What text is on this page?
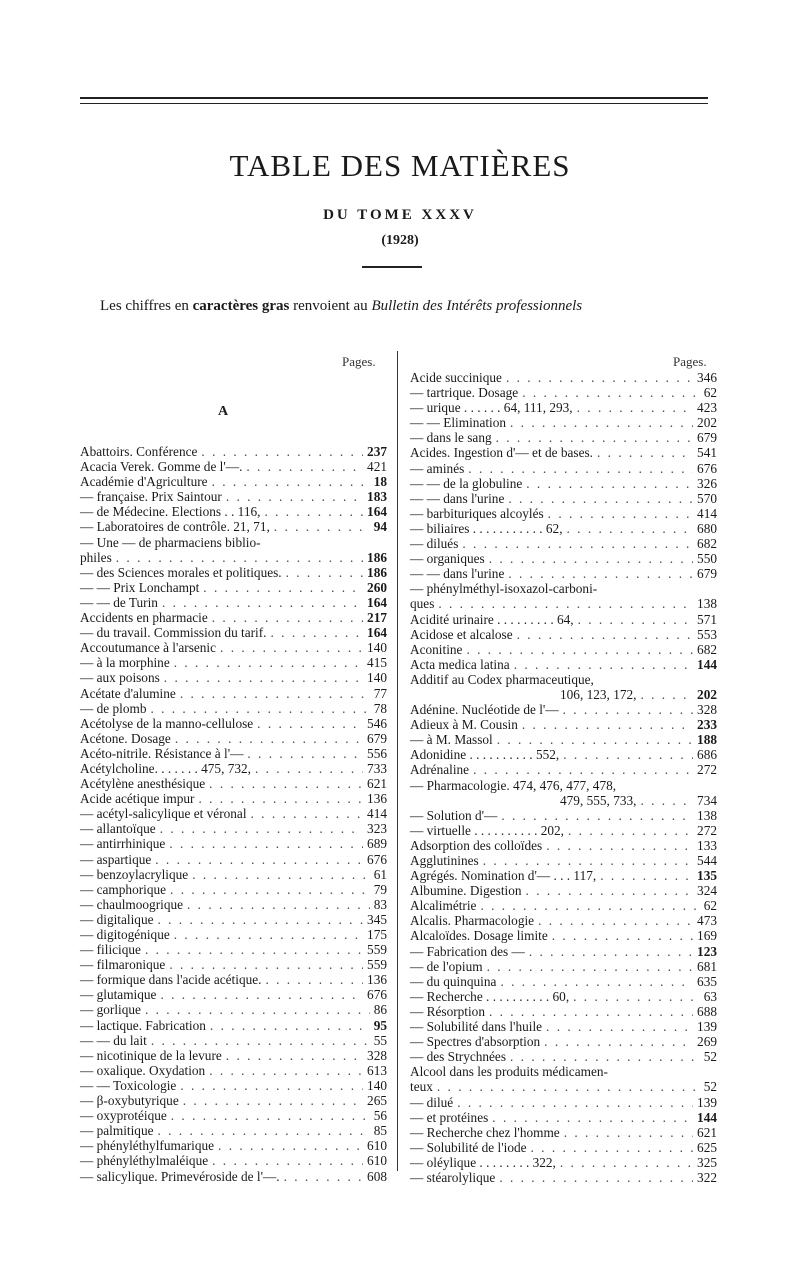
TABLE DES MATIÈRES
DU TOME XXXV
(1928)
Les chiffres en caractères gras renvoient au Bulletin des Intérêts professionnels
Pages.	Pages.
A
Abattoirs. Conférence . . .	237
Acacia Verek. Gomme de l'—. . . .	421
Académie d'Agriculture . . .	18
— française. Prix Saintour . . .	183
— de Médecine. Elections . . 116, . . .	164
— Laboratoires de contrôle. 21, 71, . . .	94
— Une — de pharmaciens biblio-
philes . . .	186
— des Sciences morales et politiques. . . .	186
— — Prix Lonchampt . . .	260
— — de Turin . . .	164
Accidents en pharmacie . . .	217
— du travail. Commission du tarif. . . .	164
Accoutumance à l'arsenic . . .	140
— à la morphine . . .	415
— aux poisons . . .	140
Acétate d'alumine . . .	77
— de plomb . . .	78
Acétolyse de la manno-cellulose . . .	546
Acétone. Dosage . . .	679
Acéto-nitrile. Résistance à l'— . . .	556
Acétylcholine. . . . . . . 475, 732, . . .	733
Acétylène anesthésique . . .	621
Acide acétique impur . . .	136
— acétyl-salicylique et véronal . . .	414
— allantoïque . . .	323
— antirrhinique . . .	689
— aspartique . . .	676
— benzoylacrylique . . .	61
— camphorique . . .	79
— chaulmoogrique . . .	83
— digitalique . . .	345
— digitogénique . . .	175
— filicique . . .	559
— filmaronique . . .	559
— formique dans l'acide acétique. . . .	136
— glutamique . . .	676
— gorlique . . .	86
— lactique. Fabrication . . .	95
— — du lait . . .	55
— nicotinique de la levure . . .	328
— oxalique. Oxydation . . .	613
— — Toxicologie . . .	140
— β-oxybutyrique . . .	265
— oxyprotéique . . .	56
— palmitique . . .	85
— phényléthylfumarique . . .	610
— phényléthylmaléique . . .	610
— salicylique. Primevéroside de l'—. . . .	608
Acide succinique . . .	346
— tartrique. Dosage . . .	62
— urique . . . . . . 64, 111, 293, . . .	423
— — Elimination . . .	202
— dans le sang . . .	679
Acides. Ingestion d'— et de bases. . . .	541
— aminés . . .	676
— — de la globuline . . .	326
— — dans l'urine . . .	570
— barbituriques alcoylés . . .	414
— biliaires . . . . . . . . . . . 62, . . .	680
— dilués . . .	682
— organiques . . .	550
— — dans l'urine . . .	679
— phénylméthyl-isoxazol-carboni-
ques . . .	138
Acidité urinaire . . . . . . . . . 64, . . .	571
Acidose et alcalose . . .	553
Aconitine . . .	682
Acta medica latina . . .	144
Additif au Codex pharmaceutique,
106, 123, 172, . . .	202
Adénine. Nucléotide de l'— . . .	328
Adieux à M. Cousin . . .	233
— à M. Massol . . .	188
Adonidine . . . . . . . . . . 552, . . .	686
Adrénaline . . .	272
— Pharmacologie. 474, 476, 477, 478,
479, 555, 733, . . .	734
— Solution d'— . . .	138
— virtuelle . . . . . . . . . . 202, . . .	272
Adsorption des colloïdes . . .	133
Agglutinines . . .	544
Agrégés. Nomination d'— . . . 117, . . .	135
Albumine. Digestion . . .	324
Alcalimétrie . . .	62
Alcalis. Pharmacologie . . .	473
Alcaloïdes. Dosage limite . . .	169
— Fabrication des — . . .	123
— de l'opium . . .	681
— du quinquina . . .	635
— Recherche . . . . . . . . . . 60, . . .	63
— Résorption . . .	688
— Solubilité dans l'huile . . .	139
— Spectres d'absorption . . .	269
— des Strychnées . . .	52
Alcool dans les produits médicamen-
teux . . .	52
— dilué . . .	139
— et protéines . . .	144
— Recherche chez l'homme . . .	621
— Solubilité de l'iode . . .	625
— oléylique . . . . . . . . 322, . . .	325
— stéarolylique . . .	322
